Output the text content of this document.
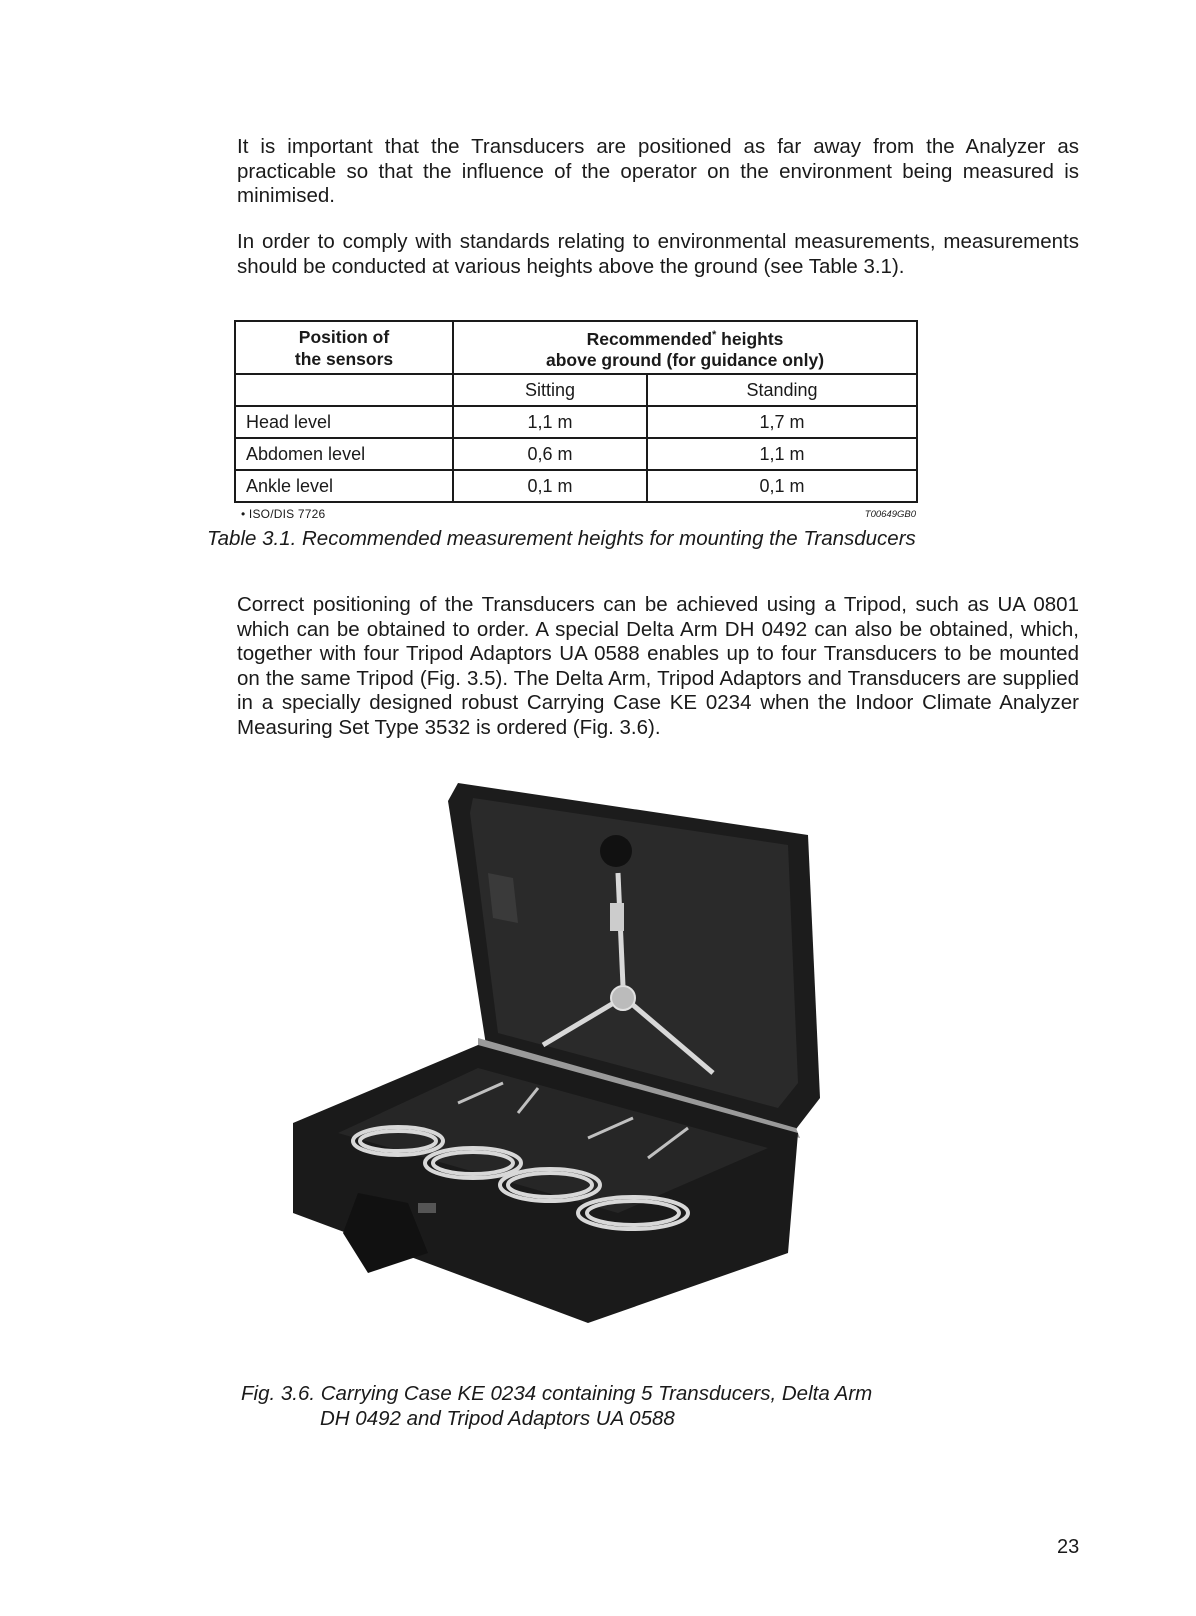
It is important that the Transducers are positioned as far away from the Analyzer as practicable so that the influence of the operator on the environment being measured is minimised.

In order to comply with standards relating to environmental measurements, measurements should be conducted at various heights above the ground (see Table 3.1).

Position of
the sensors	Recommended* heights
above ground (for guidance only)	
	Sitting	Standing
Head level	1,1 m	1,7 m
Abdomen level	0,6 m	1,1 m
Ankle level	0,1 m	0,1 m
• ISO/DIS 7726	T00649GB0

Table 3.1. Recommended measurement heights for mounting the Transducers

Correct positioning of the Transducers can be achieved using a Tripod, such as UA 0801 which can be obtained to order. A special Delta Arm DH 0492 can also be obtained, which, together with four Tripod Adaptors UA 0588 enables up to four Transducers to be mounted on the same Tripod (Fig. 3.5). The Delta Arm, Tripod Adaptors and Transducers are supplied in a specially designed robust Carrying Case KE 0234 when the Indoor Climate Analyzer Measuring Set Type 3532 is ordered (Fig. 3.6).

Fig. 3.6. Carrying Case KE 0234 containing 5 Transducers, Delta Arm

DH 0492 and Tripod Adaptors UA 0588

23
